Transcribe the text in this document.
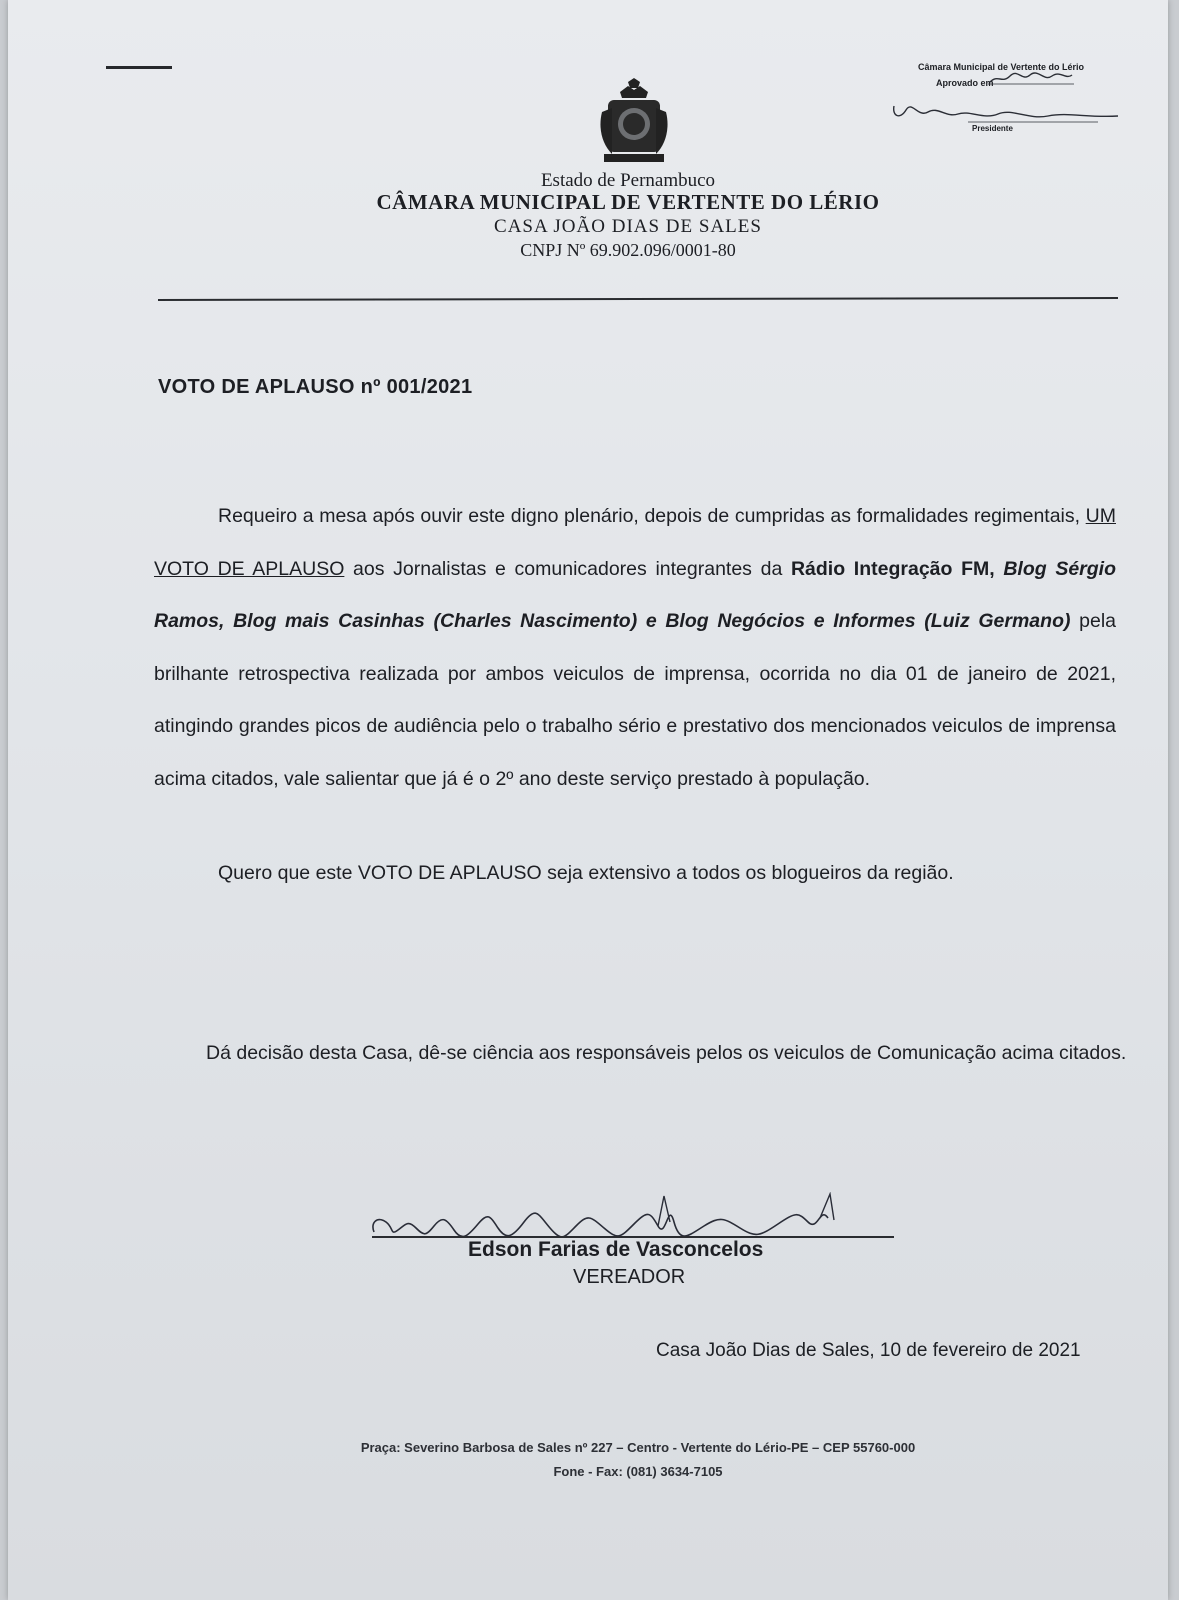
Câmara Municipal de Vertente do Lério
Aprovado em
Presidente
Estado de Pernambuco
CÂMARA MUNICIPAL DE VERTENTE DO LÉRIO
CASA JOÃO DIAS DE SALES
CNPJ Nº 69.902.096/0001-80
VOTO DE APLAUSO nº 001/2021
Requeiro a mesa após ouvir este digno plenário, depois de cumpridas as formalidades regimentais, UM VOTO DE APLAUSO aos Jornalistas e comunicadores integrantes da Rádio Integração FM, Blog Sérgio Ramos, Blog mais Casinhas (Charles Nascimento) e Blog Negócios e Informes (Luiz Germano) pela brilhante retrospectiva realizada por ambos veiculos de imprensa, ocorrida no dia 01 de janeiro de 2021, atingindo grandes picos de audiência pelo o trabalho sério e prestativo dos mencionados veiculos de imprensa acima citados, vale salientar que já é o 2º ano deste serviço prestado à população.
Quero que este VOTO DE APLAUSO seja extensivo a todos os blogueiros da região.
Dá decisão desta Casa, dê-se ciência aos responsáveis pelos os veiculos de Comunicação acima citados.
Edson Farias de Vasconcelos
VEREADOR
Casa João Dias de Sales, 10 de fevereiro de 2021
Praça: Severino Barbosa de Sales nº 227 – Centro - Vertente do Lério-PE – CEP 55760-000
Fone - Fax: (081) 3634-7105
